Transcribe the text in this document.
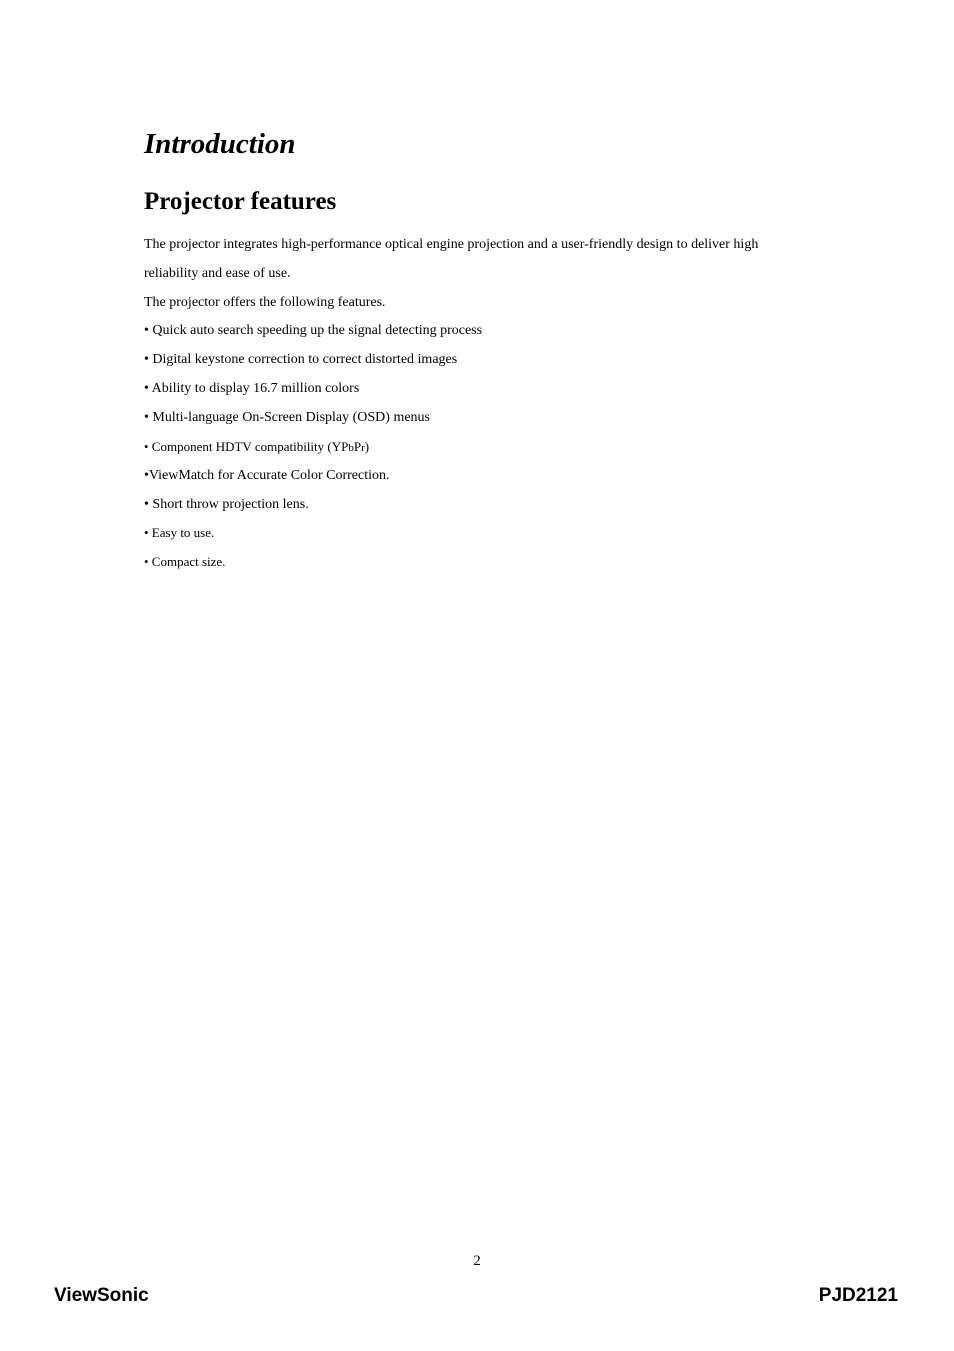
Introduction
Projector features

The projector integrates high-performance optical engine projection and a user-friendly design to deliver high

reliability and ease of use.

The projector offers the following features.

• Quick auto search speeding up the signal detecting process

• Digital keystone correction to correct distorted images

• Ability to display 16.7 million colors

• Multi-language On-Screen Display (OSD) menus

• Component HDTV compatibility (YPbPr)

•ViewMatch for Accurate Color Correction.

• Short throw projection lens.

• Easy to use.

• Compact size.

2
ViewSonic	PJD2121
